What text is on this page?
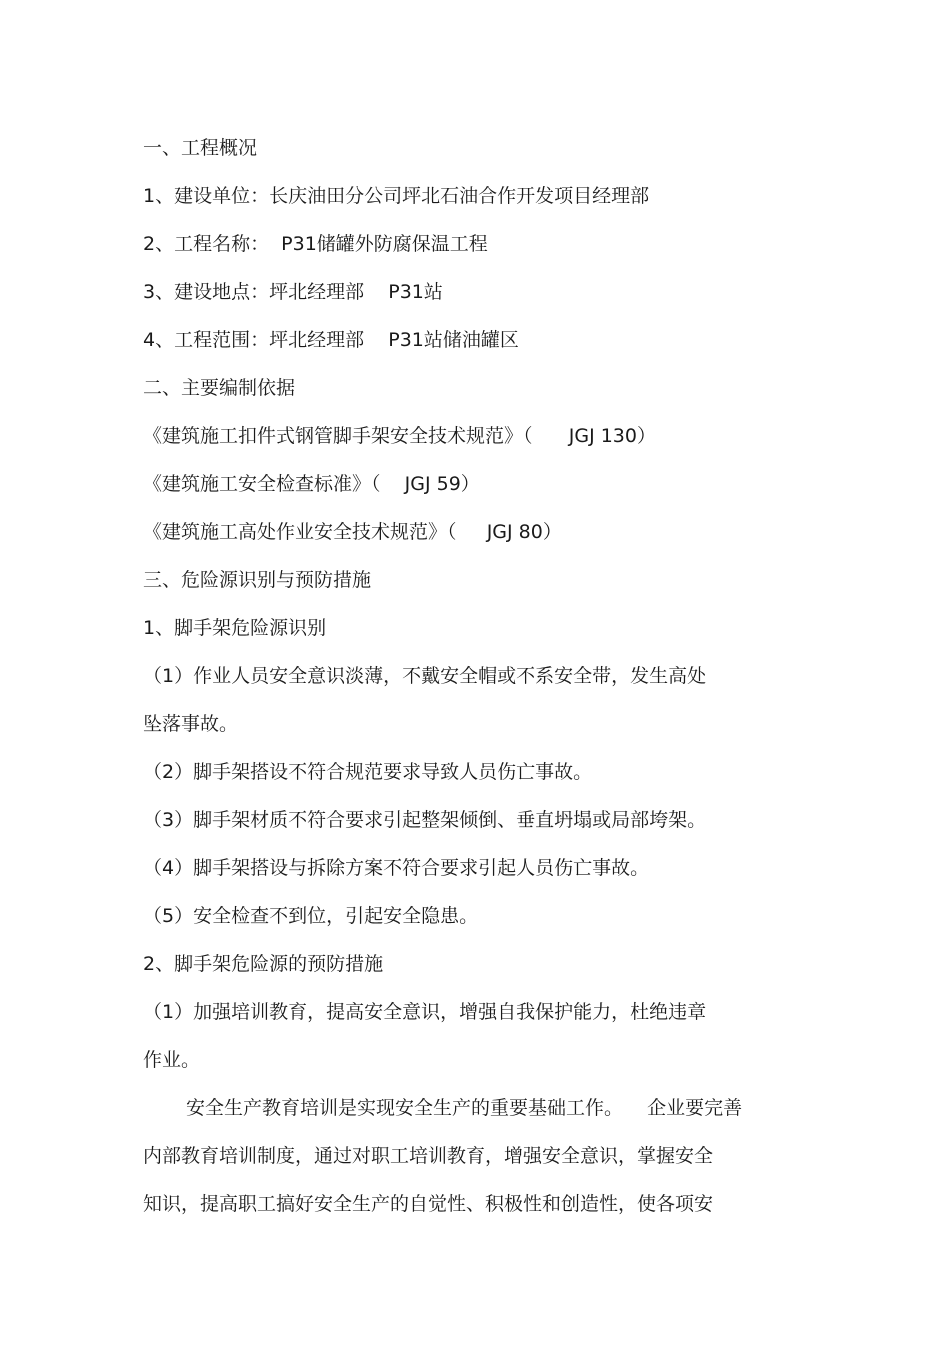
一、工程概况
1、建设单位：长庆油田分公司坪北石油合作开发项目经理部
2、工程名称：  P31储罐外防腐保温工程
3、建设地点：坪北经理部    P31站
4、工程范围：坪北经理部    P31站储油罐区
二、主要编制依据
《建筑施工扣件式钢管脚手架安全技术规范》（      JGJ 130）
《建筑施工安全检查标准》（    JGJ 59）
《建筑施工高处作业安全技术规范》（     JGJ 80）
三、危险源识别与预防措施
1、脚手架危险源识别
（1）作业人员安全意识淡薄，不戴安全帽或不系安全带，发生高处
坠落事故。
（2）脚手架搭设不符合规范要求导致人员伤亡事故。
（3）脚手架材质不符合要求引起整架倾倒、垂直坍塌或局部垮架。
（4）脚手架搭设与拆除方案不符合要求引起人员伤亡事故。
（5）安全检查不到位，引起安全隐患。
2、脚手架危险源的预防措施
（1）加强培训教育，提高安全意识，增强自我保护能力，杜绝违章
作业。
安全生产教育培训是实现安全生产的重要基础工作。    企业要完善
内部教育培训制度，通过对职工培训教育，增强安全意识，掌握安全
知识，提高职工搞好安全生产的自觉性、积极性和创造性，使各项安
